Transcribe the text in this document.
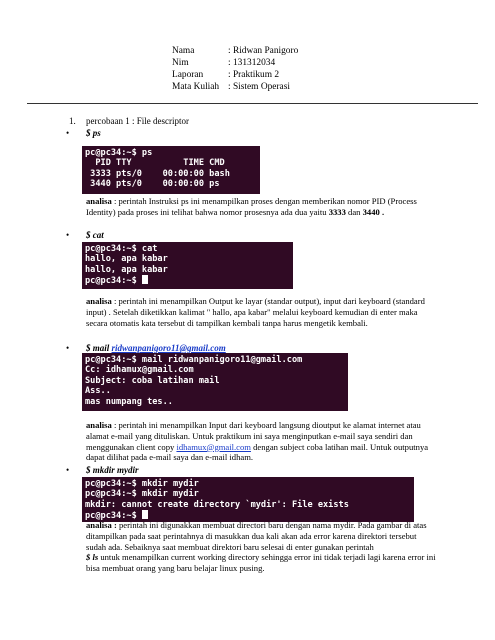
Nama	: Ridwan Panigoro
Nim	: 131312034
Laporan	: Praktikum 2
Mata Kuliah : Sistem Operasi
1. percobaan 1 : File descriptor
• $ ps
pc@pc34:~$ ps
PID TTY          TIME CMD
3333 pts/0    00:00:00 bash
3440 pts/0    00:00:00 ps
analisa : perintah Instruksi ps ini menampilkan proses dengan memberikan nomor PID (Process Identity) pada proses ini telihat bahwa nomor prosesnya ada dua yaitu 3333 dan 3440 .
• $ cat
pc@pc34:~$ cat
hallo, apa kabar
hallo, apa kabar
pc@pc34:~$
analisa : perintah ini menampilkan Output ke layar (standar output), input dari keyboard (standard input) . Setelah diketikkan kalimat " hallo, apa kabar" melalui keyboard kemudian di enter maka secara otomatis kata tersebut di tampilkan kembali tanpa harus mengetik kembali.
• $ mail ridwanpanigoro11@gmail.com
pc@pc34:~$ mail ridwanpanigoro11@gmail.com
Cc: idhamux@gmail.com
Subject: coba latihan mail
Ass..
mas numpang tes..
analisa : perintah ini menampilkan Input dari keyboard langsung dioutput ke alamat internet atau alamat e-mail yang dituliskan. Untuk praktikum ini saya menginputkan e-mail saya sendiri dan menggunakan client copy idhamux@gmail.com dengan subject coba latihan mail. Untuk outputnya dapat dilihat pada e-mail saya dan e-mail idham.
• $ mkdir mydir
pc@pc34:~$ mkdir mydir
pc@pc34:~$ mkdir mydir
mkdir: cannot create directory `mydir': File exists
pc@pc34:~$
analisa : perintah ini digunakkan membuat directori baru dengan nama mydir. Pada gambar di atas ditampilkan pada saat perintahnya di masukkan dua kali akan ada error karena direktori tersebut sudah ada. Sebaiknya saat membuat direktori baru selesai di enter gunakan perintah
$ ls untuk menampilkan current working directory sehingga error ini tidak terjadi lagi karena error ini bisa membuat orang yang baru belajar linux pusing.
